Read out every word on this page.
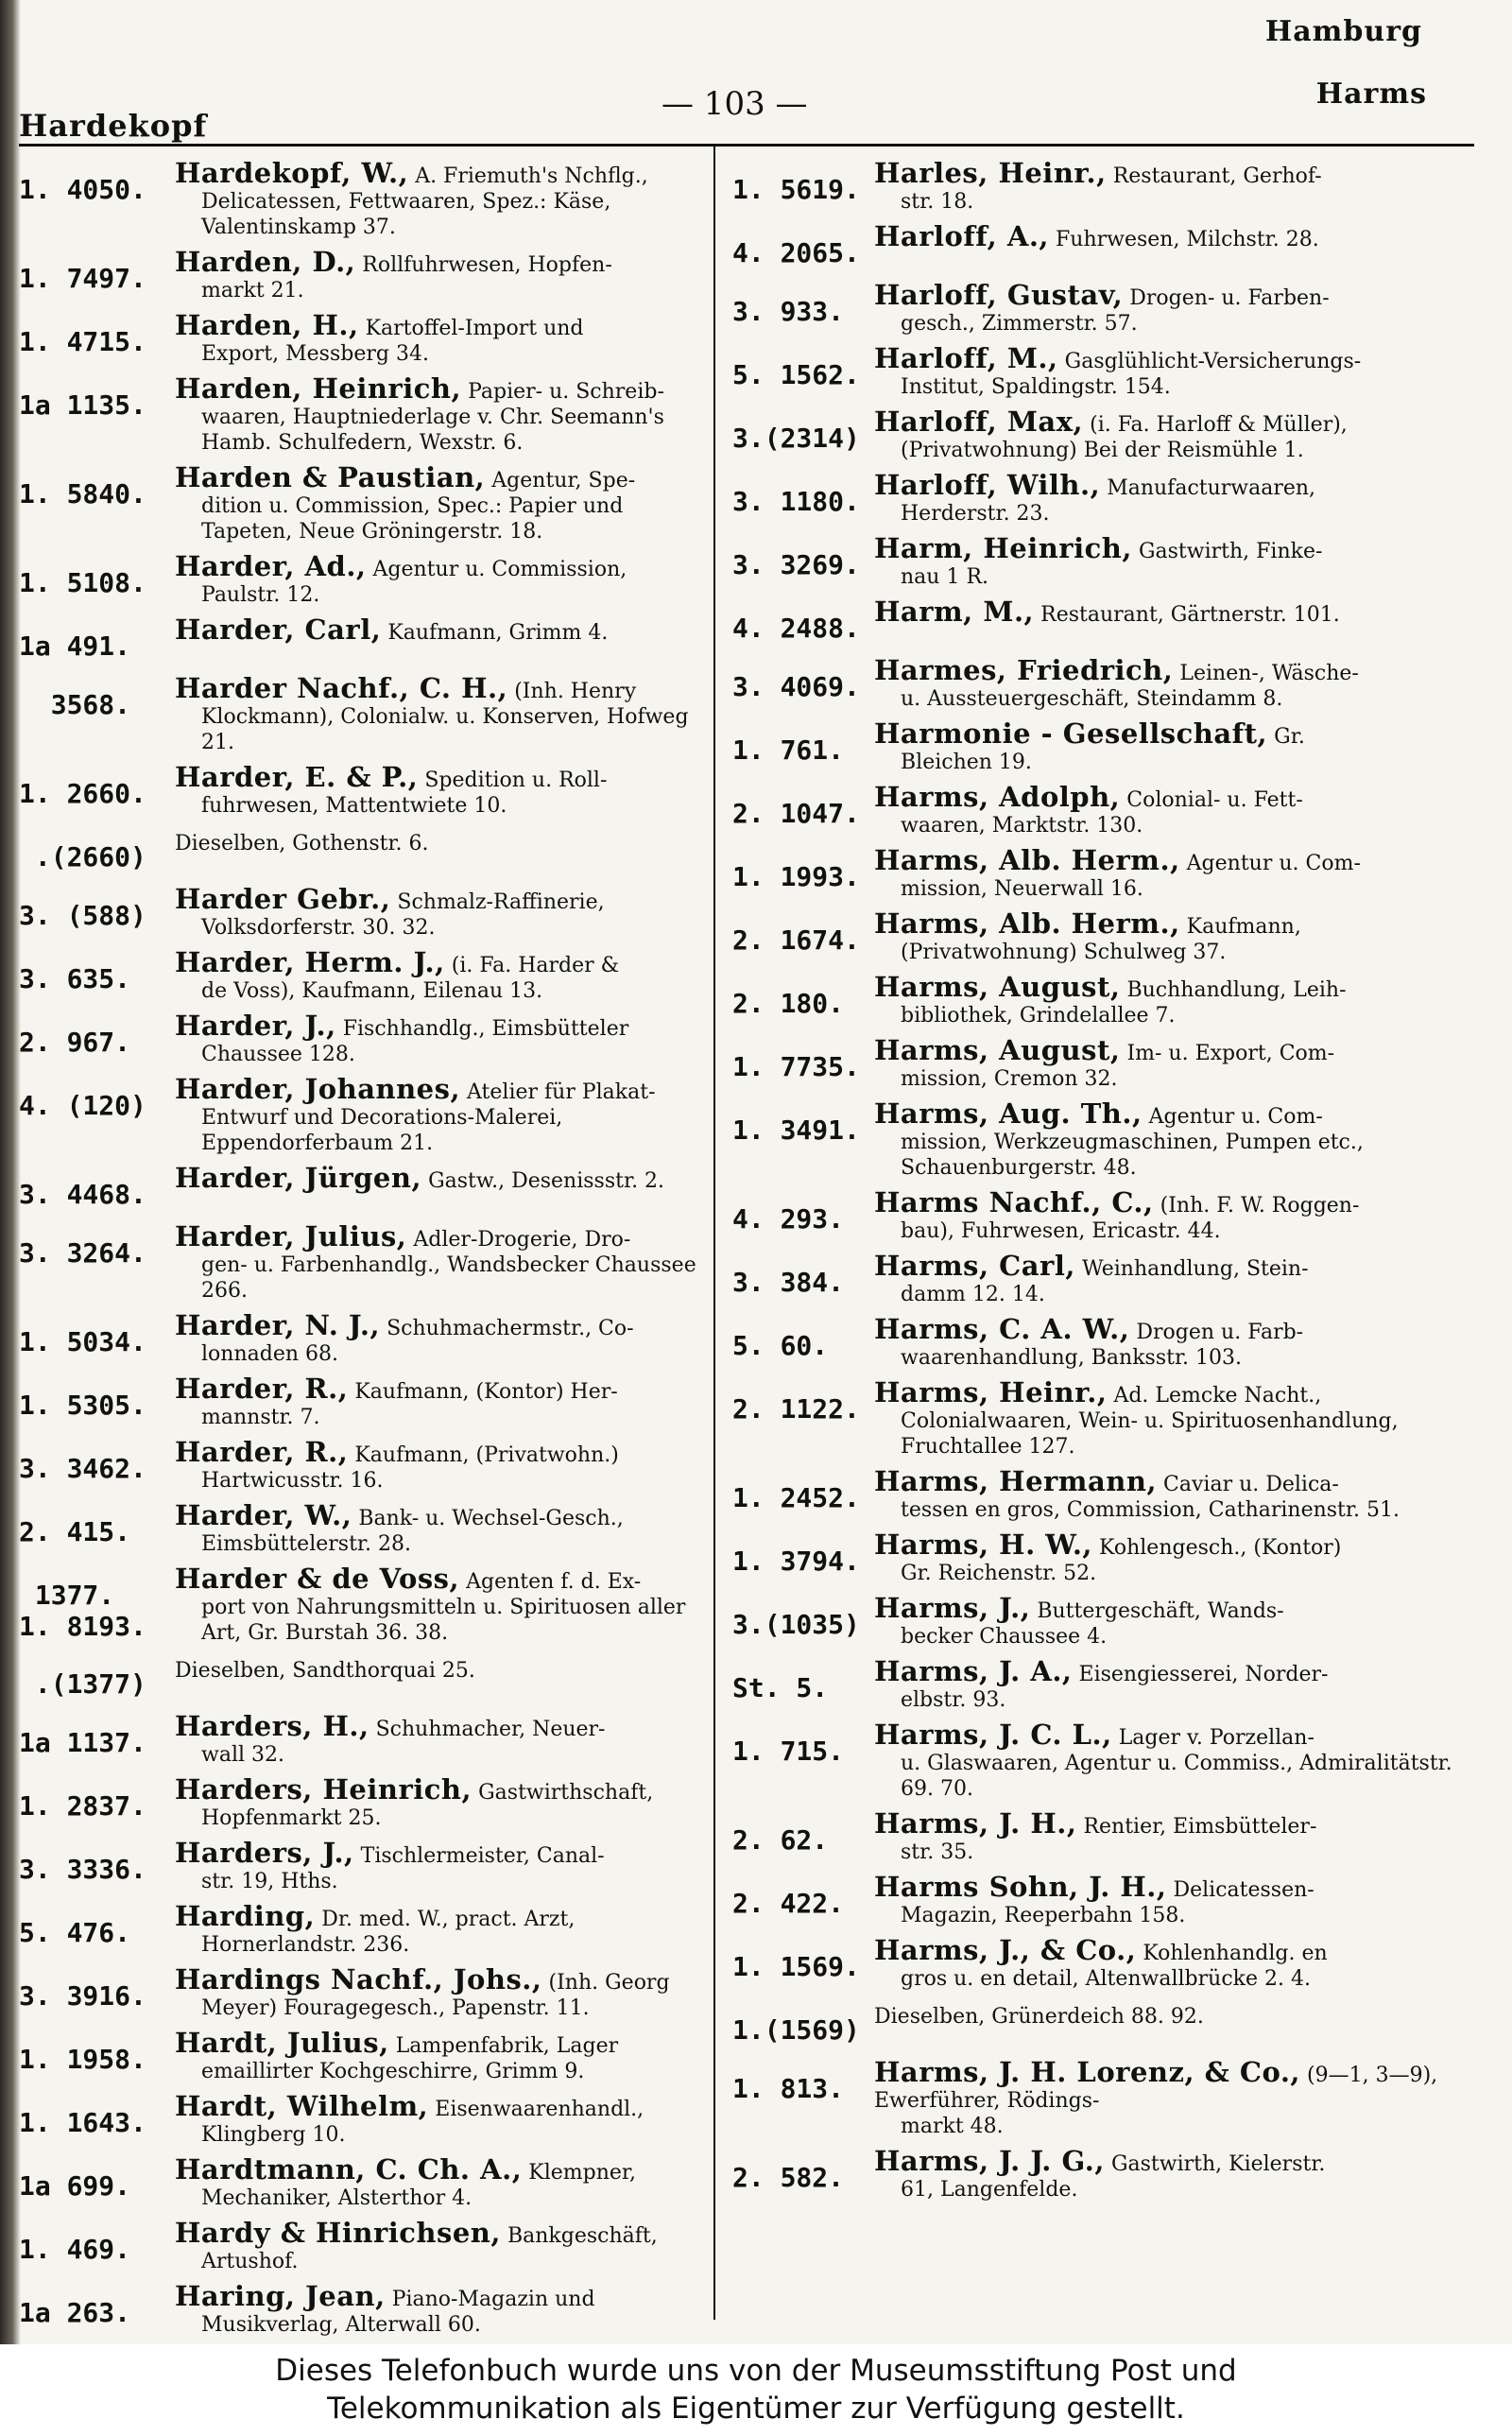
Hamburg
— 103 —
Hardekopf
Harms
1. 4050.
Hardekopf, W., A. Friemuth's Nchflg.,
Delicatessen, Fettwaaren, Spez.: Käse, Valentinskamp 37.
1. 7497.
Harden, D., Rollfuhrwesen, Hopfen-
markt 21.
1. 4715.
Harden, H., Kartoffel-Import und
Export, Messberg 34.
1a 1135.
Harden, Heinrich, Papier- u. Schreib-
waaren, Hauptniederlage v. Chr. Seemann's Hamb. Schulfedern, Wexstr. 6.
1. 5840.
Harden & Paustian, Agentur, Spe-
dition u. Commission, Spec.: Papier und Tapeten, Neue Gröningerstr. 18.
1. 5108.
Harder, Ad., Agentur u. Commission,
Paulstr. 12.
1a 491.
Harder, Carl, Kaufmann, Grimm 4.
3568.
Harder Nachf., C. H., (Inh. Henry
Klockmann), Colonialw. u. Konserven, Hofweg 21.
1. 2660.
Harder, E. & P., Spedition u. Roll-
fuhrwesen, Mattentwiete 10.
.(2660)	Dieselben, Gothenstr. 6.
3. (588)
Harder Gebr., Schmalz-Raffinerie,
Volksdorferstr. 30. 32.
3. 635.
Harder, Herm. J., (i. Fa. Harder &
de Voss), Kaufmann, Eilenau 13.
2. 967.
Harder, J., Fischhandlg., Eimsbütteler
Chaussee 128.
4. (120)
Harder, Johannes, Atelier für Plakat-
Entwurf und Decorations-Malerei, Eppendorferbaum 21.
3. 4468.
Harder, Jürgen, Gastw., Desenissstr. 2.
3. 3264.
Harder, Julius, Adler-Drogerie, Dro-
gen- u. Farbenhandlg., Wandsbecker Chaussee 266.
1. 5034.
Harder, N. J., Schuhmachermstr., Co-
lonnaden 68.
1. 5305.
Harder, R., Kaufmann, (Kontor) Her-
mannstr. 7.
3. 3462.
Harder, R., Kaufmann, (Privatwohn.)
Hartwicusstr. 16.
2. 415.
Harder, W., Bank- u. Wechsel-Gesch.,
Eimsbüttelerstr. 28.
1377.
1. 8193.
Harder & de Voss, Agenten f. d. Ex-
port von Nahrungsmitteln u. Spirituosen aller Art, Gr. Burstah 36. 38.
.(1377)	Dieselben, Sandthorquai 25.
1a 1137.
Harders, H., Schuhmacher, Neuer-
wall 32.
1. 2837.
Harders, Heinrich, Gastwirthschaft,
Hopfenmarkt 25.
3. 3336.
Harders, J., Tischlermeister, Canal-
str. 19, Hths.
5. 476.
Harding, Dr. med. W., pract. Arzt,
Hornerlandstr. 236.
3. 3916.
Hardings Nachf., Johs., (Inh. Georg
Meyer) Fouragegesch., Papenstr. 11.
1. 1958.
Hardt, Julius, Lampenfabrik, Lager
emaillirter Kochgeschirre, Grimm 9.
1. 1643.
Hardt, Wilhelm, Eisenwaarenhandl.,
Klingberg 10.
1a 699.
Hardtmann, C. Ch. A., Klempner,
Mechaniker, Alsterthor 4.
1. 469.
Hardy & Hinrichsen, Bankgeschäft,
Artushof.
1a 263.
Haring, Jean, Piano-Magazin und
Musikverlag, Alterwall 60.
1. 5619.
Harles, Heinr., Restaurant, Gerhof-
str. 18.
4. 2065.
Harloff, A., Fuhrwesen, Milchstr. 28.
3. 933.
Harloff, Gustav, Drogen- u. Farben-
gesch., Zimmerstr. 57.
5. 1562.
Harloff, M., Gasglühlicht-Versicherungs-
Institut, Spaldingstr. 154.
3.(2314)
Harloff, Max, (i. Fa. Harloff & Müller),
(Privatwohnung) Bei der Reismühle 1.
3. 1180.
Harloff, Wilh., Manufacturwaaren,
Herderstr. 23.
3. 3269.
Harm, Heinrich, Gastwirth, Finke-
nau 1 R.
4. 2488.
Harm, M., Restaurant, Gärtnerstr. 101.
3. 4069.
Harmes, Friedrich, Leinen-, Wäsche-
u. Aussteuergeschäft, Steindamm 8.
1. 761.
Harmonie - Gesellschaft, Gr.
Bleichen 19.
2. 1047.
Harms, Adolph, Colonial- u. Fett-
waaren, Marktstr. 130.
1. 1993.
Harms, Alb. Herm., Agentur u. Com-
mission, Neuerwall 16.
2. 1674.
Harms, Alb. Herm., Kaufmann,
(Privatwohnung) Schulweg 37.
2. 180.
Harms, August, Buchhandlung, Leih-
bibliothek, Grindelallee 7.
1. 7735.
Harms, August, Im- u. Export, Com-
mission, Cremon 32.
1. 3491.
Harms, Aug. Th., Agentur u. Com-
mission, Werkzeugmaschinen, Pumpen etc., Schauenburgerstr. 48.
4. 293.
Harms Nachf., C., (Inh. F. W. Roggen-
bau), Fuhrwesen, Ericastr. 44.
3. 384.
Harms, Carl, Weinhandlung, Stein-
damm 12. 14.
5. 60.
Harms, C. A. W., Drogen u. Farb-
waarenhandlung, Banksstr. 103.
2. 1122.
Harms, Heinr., Ad. Lemcke Nacht.,
Colonialwaaren, Wein- u. Spirituosenhandlung, Fruchtallee 127.
1. 2452.
Harms, Hermann, Caviar u. Delica-
tessen en gros, Commission, Catharinenstr. 51.
1. 3794.
Harms, H. W., Kohlengesch., (Kontor)
Gr. Reichenstr. 52.
3.(1035)
Harms, J., Buttergeschäft, Wands-
becker Chaussee 4.
St. 5.
Harms, J. A., Eisengiesserei, Norder-
elbstr. 93.
1. 715.
Harms, J. C. L., Lager v. Porzellan-
u. Glaswaaren, Agentur u. Commiss., Admiralitätstr. 69. 70.
2. 62.
Harms, J. H., Rentier, Eimsbütteler-
str. 35.
2. 422.
Harms Sohn, J. H., Delicatessen-
Magazin, Reeperbahn 158.
1. 1569.
Harms, J., & Co., Kohlenhandlg. en
gros u. en detail, Altenwallbrücke 2. 4.
1.(1569) Dieselben, Grünerdeich 88. 92.
1. 813.
Harms, J. H. Lorenz, & Co., (9—1, 3—9), Ewerführer, Rödings-
markt 48.
2. 582.
Harms, J. J. G., Gastwirth, Kielerstr.
61, Langenfelde.
Dieses Telefonbuch wurde uns von der Museumsstiftung Post und
Telekommunikation als Eigentümer zur Verfügung gestellt.
